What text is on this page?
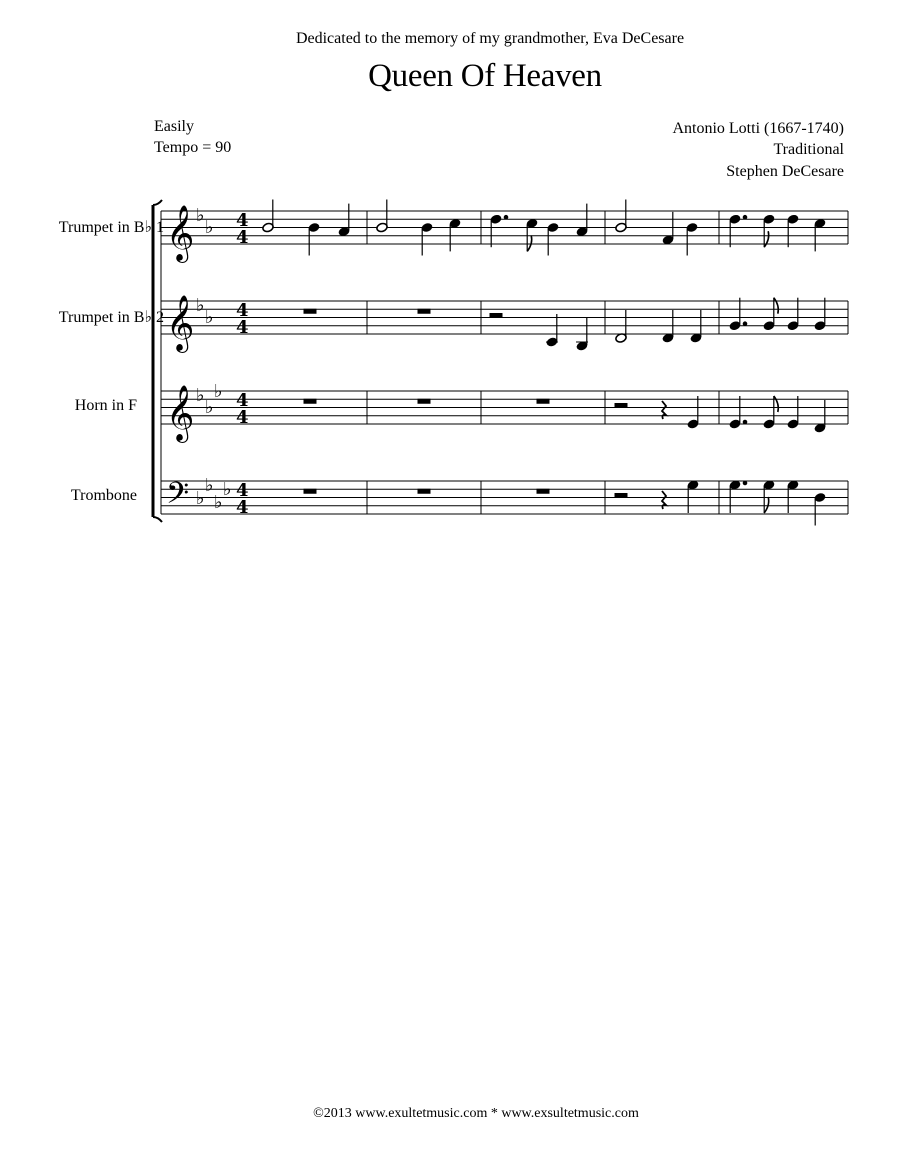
Dedicated to the memory of my grandmother, Eva DeCesare
Queen Of Heaven
Easily
Tempo = 90
Antonio Lotti (1667-1740)
Traditional
Stephen DeCesare
Trumpet in B♭ 1
Trumpet in B♭ 2
Horn in F
Trombone
𝄞
𝄞
𝄞
𝄢
♭
♭
♭
♭
♭
♭
♭
♭
♭
♭
♭
4
4
4
4
4
4
4
4
©2013 www.exultetmusic.com * www.exsultetmusic.com
